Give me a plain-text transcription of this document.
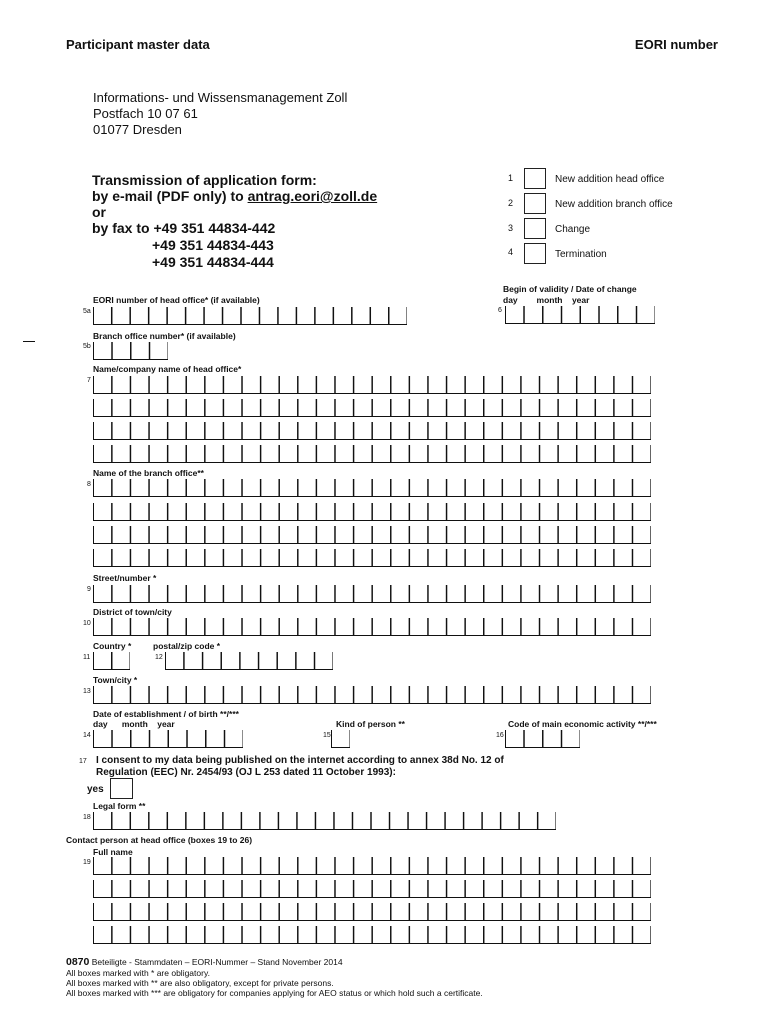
Participant master data	EORI number
Informations- und Wissensmanagement Zoll
Postfach 10 07 61
01077 Dresden
Transmission of application form:
by e-mail (PDF only) to antrag.eori@zoll.de
or
by fax to +49 351 44834-442
+49 351 44834-443
+49 351 44834-444
1	New addition head office
2	New addition branch office
3	Change
4	Termination
Begin of validity / Date of change
day        month    year
6
EORI number of head office* (if available)
5a
Branch office number* (if available)
5b
Name/company name of head office*
7
Name of the branch office**
8
Street/number *
9
District of town/city
10
Country *
11
postal/zip code *
12
Town/city *
13
Date of establishment / of birth **/***
day      month    year
14
Kind of person **
15
Code of main economic activity **/***
16
17 I consent to my data being published on the internet according to annex 38d No. 12 of
Regulation (EEC) Nr. 2454/93 (OJ L 253 dated 11 October 1993):
yes
Legal form **
18
Contact person at head office (boxes 19 to 26)
Full name
19
0870 Beteiligte - Stammdaten – EORI-Nummer – Stand November 2014
All boxes marked with * are obligatory.
All boxes marked with ** are also obligatory, except for private persons.
All boxes marked with *** are obligatory for companies applying for AEO status or which hold such a certificate.
